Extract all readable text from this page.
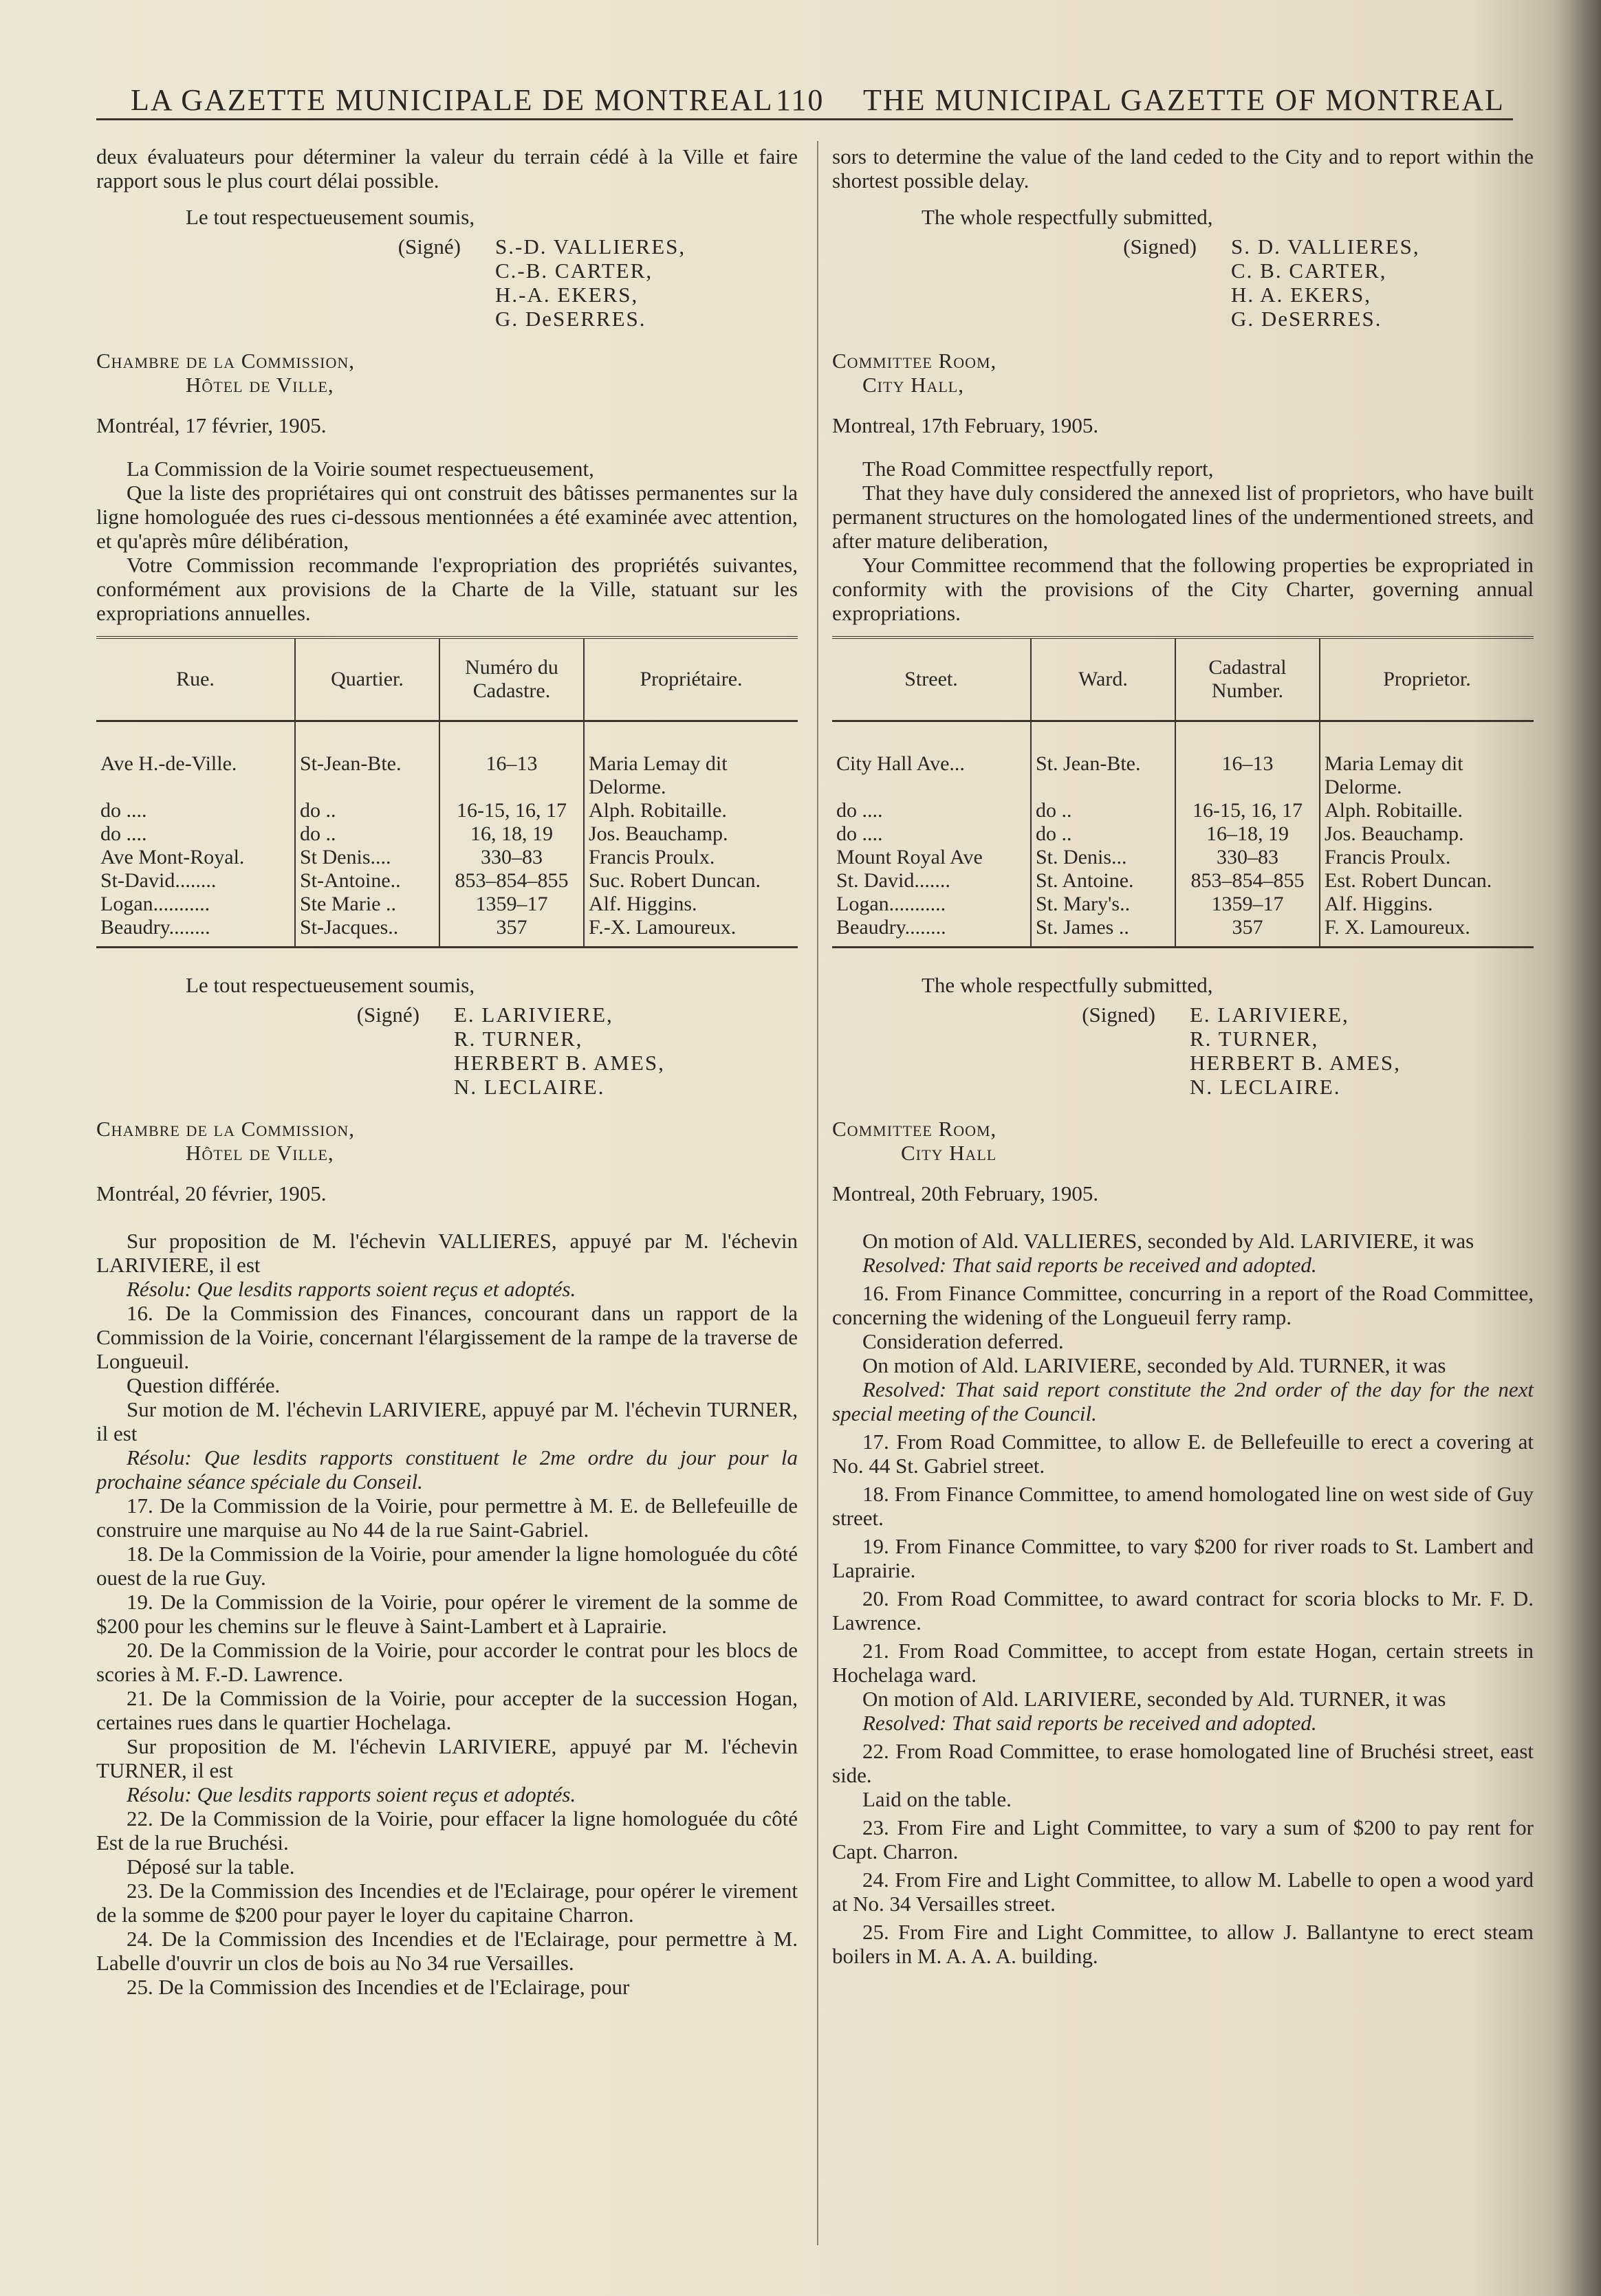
LA GAZETTE MUNICIPALE DE MONTREAL 110 THE MUNICIPAL GAZETTE OF MONTREAL

deux évaluateurs pour déterminer la valeur du terrain cédé à la Ville et faire rapport sous le plus court délai possible.

Le tout respectueusement soumis,

(Signé)	S.-D. VALLIERES,
C.-B. CARTER,
H.-A. EKERS,
G. DeSERRES.
Chambre de la Commission,
Hôtel de Ville,
Montréal, 17 février, 1905.

La Commission de la Voirie soumet respectueusement,

Que la liste des propriétaires qui ont construit des bâtisses permanentes sur la ligne homologuée des rues ci-dessous mentionnées a été examinée avec attention, et qu'après mûre délibération,

Votre Commission recommande l'expropriation des propriétés suivantes, conformément aux provisions de la Charte de la Ville, statuant sur les expropriations annuelles.

Rue.	Quartier.	Numéro du Cadastre.	Propriétaire.
Ave H.-de-Ville.	St-Jean-Bte.	16–13	Maria Lemay dit Delorme.
do ....	do ..	16-15, 16, 17	Alph. Robitaille.
do ....	do ..	16, 18, 19	Jos. Beauchamp.
Ave Mont-Royal.	St Denis....	330–83	Francis Proulx.
St-David........	St-Antoine..	853–854–855	Suc. Robert Duncan.
Logan...........	Ste Marie ..	1359–17	Alf. Higgins.
Beaudry........	St-Jacques..	357	F.-X. Lamoureux.

Le tout respectueusement soumis,

(Signé)	E. LARIVIERE,
R. TURNER,
HERBERT B. AMES,
N. LECLAIRE.
Chambre de la Commission,
Hôtel de Ville,
Montréal, 20 février, 1905.

Sur proposition de M. l'échevin VALLIERES, appuyé par M. l'échevin LARIVIERE, il est

Résolu: Que lesdits rapports soient reçus et adoptés.

16. De la Commission des Finances, concourant dans un rapport de la Commission de la Voirie, concernant l'élargissement de la rampe de la traverse de Longueuil.

Question différée.

Sur motion de M. l'échevin LARIVIERE, appuyé par M. l'échevin TURNER, il est

Résolu: Que lesdits rapports constituent le 2me ordre du jour pour la prochaine séance spéciale du Conseil.

17. De la Commission de la Voirie, pour permettre à M. E. de Bellefeuille de construire une marquise au No 44 de la rue Saint-Gabriel.

18. De la Commission de la Voirie, pour amender la ligne homologuée du côté ouest de la rue Guy.

19. De la Commission de la Voirie, pour opérer le virement de la somme de $200 pour les chemins sur le fleuve à Saint-Lambert et à Laprairie.

20. De la Commission de la Voirie, pour accorder le contrat pour les blocs de scories à M. F.-D. Lawrence.

21. De la Commission de la Voirie, pour accepter de la succession Hogan, certaines rues dans le quartier Hochelaga.

Sur proposition de M. l'échevin LARIVIERE, appuyé par M. l'échevin TURNER, il est

Résolu: Que lesdits rapports soient reçus et adoptés.

22. De la Commission de la Voirie, pour effacer la ligne homologuée du côté Est de la rue Bruchési.

Déposé sur la table.

23. De la Commission des Incendies et de l'Eclairage, pour opérer le virement de la somme de $200 pour payer le loyer du capitaine Charron.

24. De la Commission des Incendies et de l'Eclairage, pour permettre à M. Labelle d'ouvrir un clos de bois au No 34 rue Versailles.

25. De la Commission des Incendies et de l'Eclairage, pour

sors to determine the value of the land ceded to the City and to report within the shortest possible delay.

The whole respectfully submitted,

(Signed)	S. D. VALLIERES,
C. B. CARTER,
H. A. EKERS,
G. DeSERRES.
Committee Room,
City Hall,
Montreal, 17th February, 1905.

The Road Committee respectfully report,

That they have duly considered the annexed list of proprietors, who have built permanent structures on the homologated lines of the undermentioned streets, and after mature deliberation,

Your Committee recommend that the following properties be expropriated in conformity with the provisions of the City Charter, governing annual expropriations.

Street.	Ward.	Cadastral Number.	Proprietor.
City Hall Ave...	St. Jean-Bte.	16–13	Maria Lemay dit Delorme.
do ....	do ..	16-15, 16, 17	Alph. Robitaille.
do ....	do ..	16–18, 19	Jos. Beauchamp.
Mount Royal Ave	St. Denis...	330–83	Francis Proulx.
St. David.......	St. Antoine.	853–854–855	Est. Robert Duncan.
Logan...........	St. Mary's..	1359–17	Alf. Higgins.
Beaudry........	St. James ..	357	F. X. Lamoureux.

The whole respectfully submitted,

(Signed)	E. LARIVIERE,
R. TURNER,
HERBERT B. AMES,
N. LECLAIRE.
Committee Room,
City Hall
Montreal, 20th February, 1905.

On motion of Ald. VALLIERES, seconded by Ald. LARIVIERE, it was

Resolved: That said reports be received and adopted.

16. From Finance Committee, concurring in a report of the Road Committee, concerning the widening of the Longueuil ferry ramp.

Consideration deferred.

On motion of Ald. LARIVIERE, seconded by Ald. TURNER, it was

Resolved: That said report constitute the 2nd order of the day for the next special meeting of the Council.

17. From Road Committee, to allow E. de Bellefeuille to erect a covering at No. 44 St. Gabriel street.

18. From Finance Committee, to amend homologated line on west side of Guy street.

19. From Finance Committee, to vary $200 for river roads to St. Lambert and Laprairie.

20. From Road Committee, to award contract for scoria blocks to Mr. F. D. Lawrence.

21. From Road Committee, to accept from estate Hogan, certain streets in Hochelaga ward.

On motion of Ald. LARIVIERE, seconded by Ald. TURNER, it was

Resolved: That said reports be received and adopted.

22. From Road Committee, to erase homologated line of Bruchési street, east side.

Laid on the table.

23. From Fire and Light Committee, to vary a sum of $200 to pay rent for Capt. Charron.

24. From Fire and Light Committee, to allow M. Labelle to open a wood yard at No. 34 Versailles street.

25. From Fire and Light Committee, to allow J. Ballantyne to erect steam boilers in M. A. A. A. building.
